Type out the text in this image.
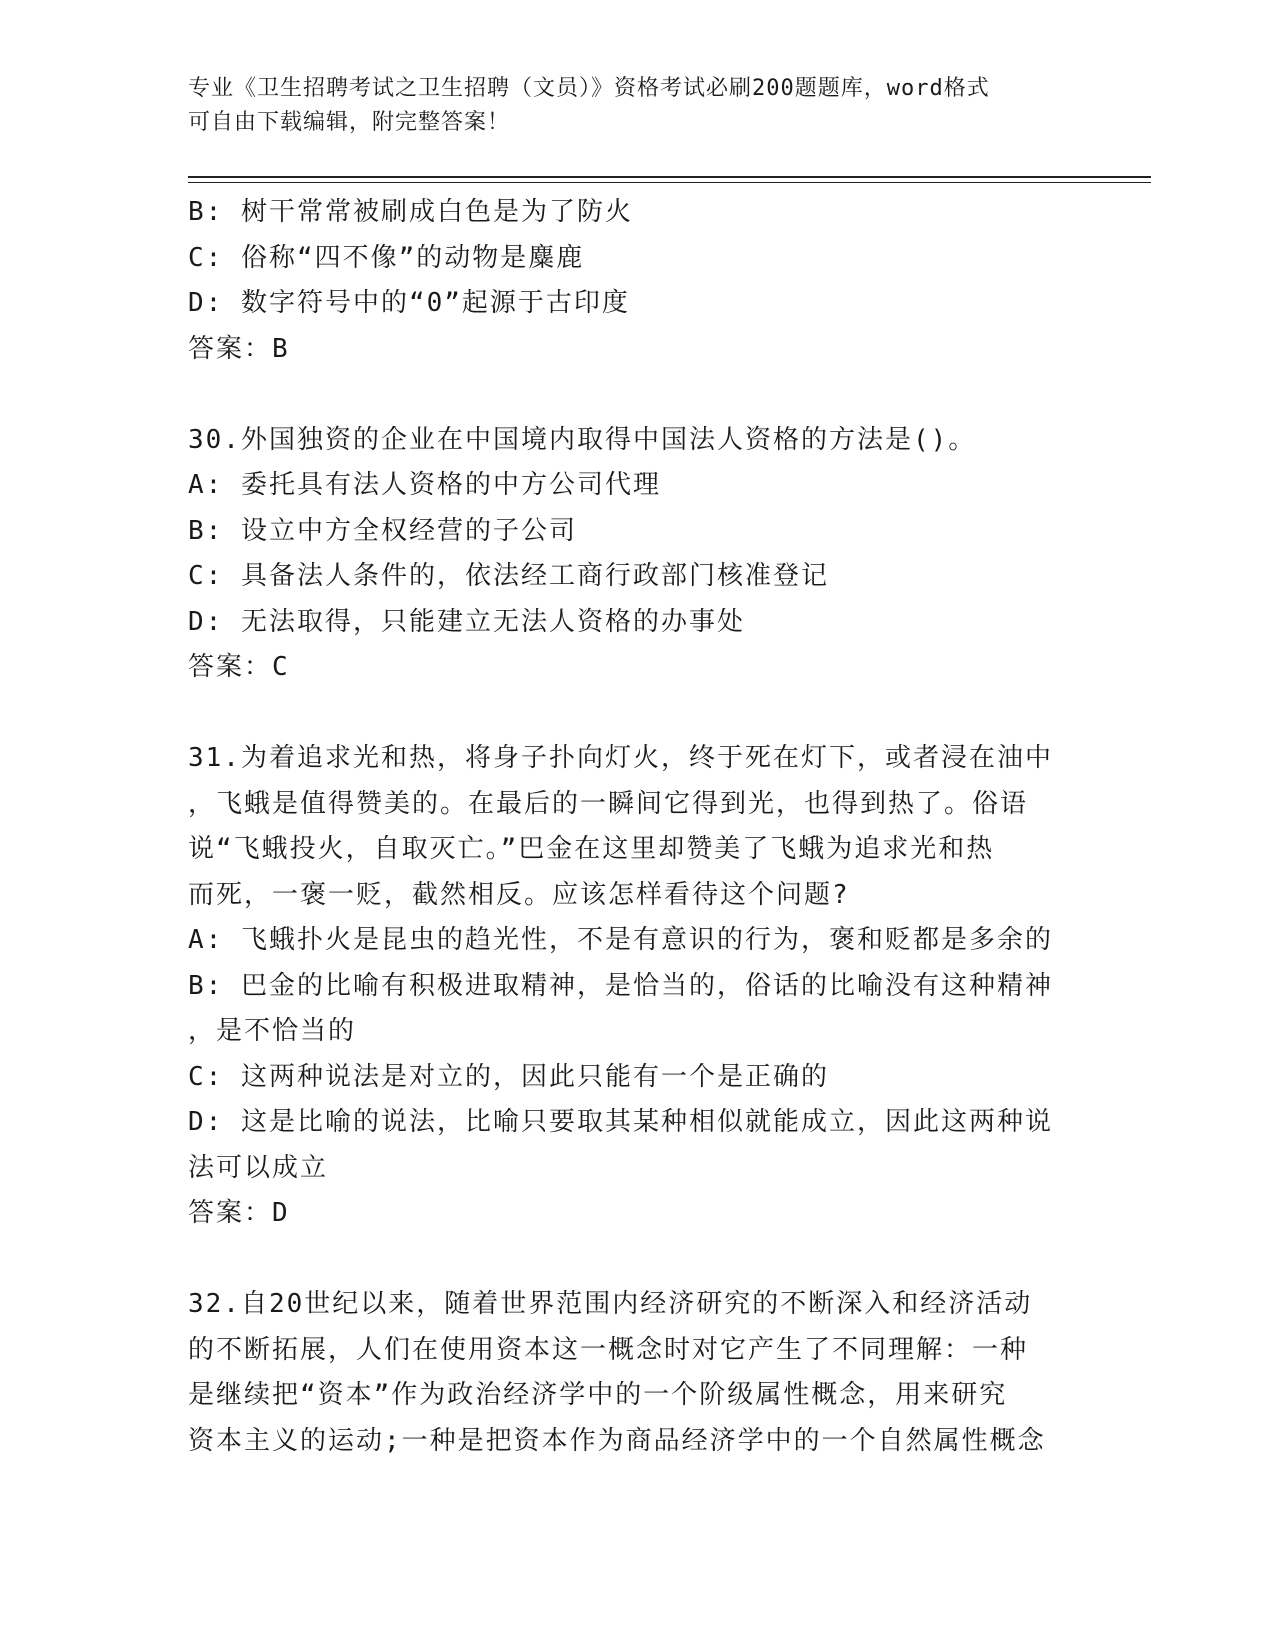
专业《卫生招聘考试之卫生招聘（文员）》资格考试必刷200题题库，word格式

可自由下载编辑，附完整答案！

B: 树干常常被刷成白色是为了防火
C: 俗称“四不像”的动物是麋鹿
D: 数字符号中的“0”起源于古印度
答案：B
30.外国独资的企业在中国境内取得中国法人资格的方法是()。
A: 委托具有法人资格的中方公司代理
B: 设立中方全权经营的子公司
C: 具备法人条件的，依法经工商行政部门核准登记
D: 无法取得，只能建立无法人资格的办事处
答案：C
31.为着追求光和热，将身子扑向灯火，终于死在灯下，或者浸在油中
，飞蛾是值得赞美的。在最后的一瞬间它得到光，也得到热了。俗语
说“飞蛾投火，自取灭亡。”巴金在这里却赞美了飞蛾为追求光和热
而死，一褒一贬，截然相反。应该怎样看待这个问题?
A: 飞蛾扑火是昆虫的趋光性，不是有意识的行为，褒和贬都是多余的
B: 巴金的比喻有积极进取精神，是恰当的，俗话的比喻没有这种精神
，是不恰当的
C: 这两种说法是对立的，因此只能有一个是正确的
D: 这是比喻的说法，比喻只要取其某种相似就能成立，因此这两种说
法可以成立
答案：D
32.自20世纪以来，随着世界范围内经济研究的不断深入和经济活动
的不断拓展，人们在使用资本这一概念时对它产生了不同理解：一种
是继续把“资本”作为政治经济学中的一个阶级属性概念，用来研究
资本主义的运动;一种是把资本作为商品经济学中的一个自然属性概念
